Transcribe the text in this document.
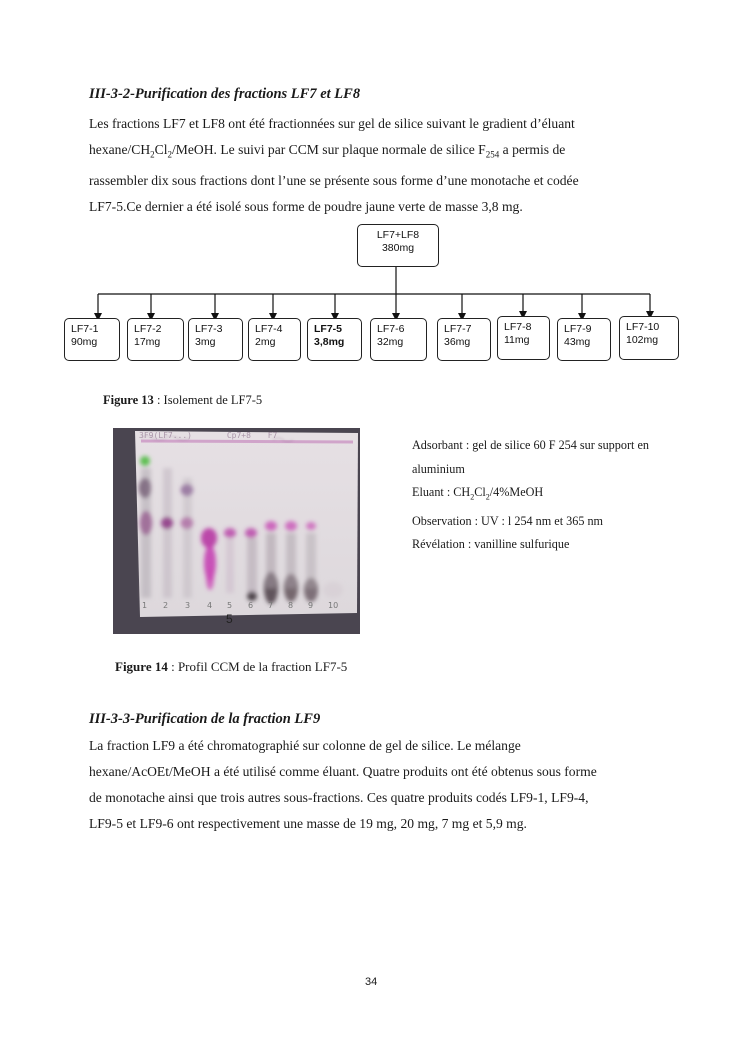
III-3-2-Purification des fractions LF7 et LF8
Les fractions LF7 et LF8 ont été fractionnées sur gel de silice suivant le gradient d’éluant
hexane/$CH_2Cl_2$/MeOH. Le suivi par CCM sur plaque normale de silice $F_{254}$ a permis de
rassembler dix sous fractions dont l’une se présente sous forme d’une monotache et codée
LF7-5.Ce dernier a été isolé sous forme de poudre jaune verte de masse 3,8 mg.
LF7+LF8
380mg
LF7-1
90mg
LF7-2
17mg
LF7-3
3mg
LF7-4
2mg
LF7-5
3,8mg
LF7-6
32mg
LF7-7
36mg
LF7-8
11mg
LF7-9
43mg
LF7-10
102mg
Figure 13 : Isolement de LF7-5
3F9(LF7...)	Cp7+8 F7
1 2 3 4 5 6 7 8 9 10
5
Adsorbant : gel de silice 60 F 254 sur support en
aluminium
Eluant : $CH_2Cl_2/4\%MeOH$
Observation : UV : l 254 nm et 365 nm
Révélation : vanilline sulfurique
Figure 14 : Profil CCM de la fraction LF7-5
III-3-3-Purification de la fraction LF9
La fraction LF9 a été chromatographié sur colonne de gel de silice. Le mélange
hexane/AcOEt/MeOH a été utilisé comme éluant. Quatre produits ont été obtenus sous forme
de monotache ainsi que trois autres sous-fractions. Ces quatre produits codés LF9-1, LF9-4,
LF9-5 et LF9-6 ont respectivement une masse de 19 mg, 20 mg, 7 mg et 5,9 mg.
34
